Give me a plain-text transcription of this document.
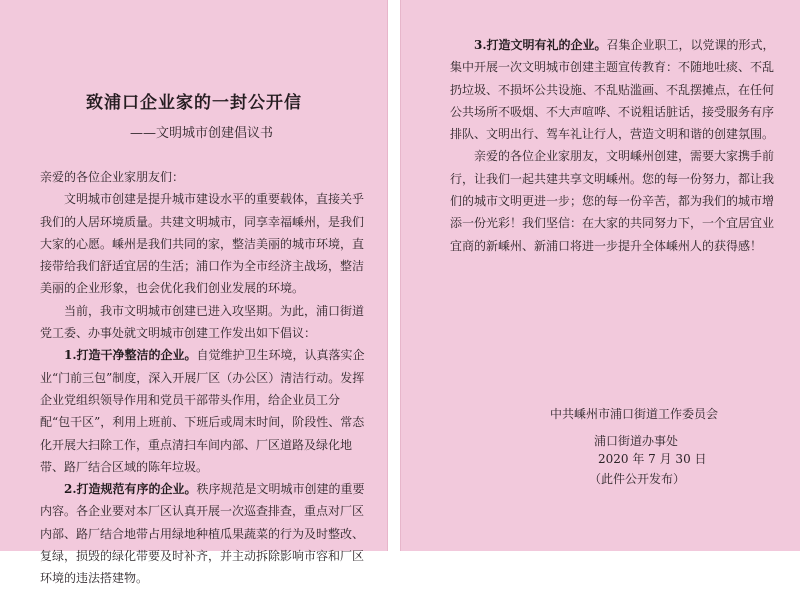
致浦口企业家的一封公开信
——文明城市创建倡议书

亲爱的各位企业家朋友们：

文明城市创建是提升城市建设水平的重要载体，直接关乎我们的人居环境质量。共建文明城市，同享幸福嵊州，是我们大家的心愿。嵊州是我们共同的家，整洁美丽的城市环境，直接带给我们舒适宜居的生活；浦口作为全市经济主战场，整洁美丽的企业形象，也会优化我们创业发展的环境。

当前，我市文明城市创建已进入攻坚期。为此，浦口街道党工委、办事处就文明城市创建工作发出如下倡议：

1.打造干净整洁的企业。自觉维护卫生环境，认真落实企业“门前三包”制度，深入开展厂区（办公区）清洁行动。发挥企业党组织领导作用和党员干部带头作用，给企业员工分配“包干区”，利用上班前、下班后或周末时间，阶段性、常态化开展大扫除工作，重点清扫车间内部、厂区道路及绿化地带、路厂结合区域的陈年垃圾。

2.打造规范有序的企业。秩序规范是文明城市创建的重要内容。各企业要对本厂区认真开展一次巡查排查，重点对厂区内部、路厂结合地带占用绿地种植瓜果蔬菜的行为及时整改、复绿，损毁的绿化带要及时补齐，并主动拆除影响市容和厂区环境的违法搭建物。

3.打造文明有礼的企业。召集企业职工，以党课的形式，集中开展一次文明城市创建主题宣传教育：不随地吐痰、不乱扔垃圾、不损坏公共设施、不乱贴滥画、不乱摆摊点，在任何公共场所不吸烟、不大声喧哗、不说粗话脏话，接受服务有序排队、文明出行、驾车礼让行人，营造文明和谐的创建氛围。

亲爱的各位企业家朋友，文明嵊州创建，需要大家携手前行，让我们一起共建共享文明嵊州。您的每一份努力，都让我们的城市文明更进一步；您的每一份辛苦，都为我们的城市增添一份光彩！我们坚信：在大家的共同努力下，一个宜居宜业宜商的新嵊州、新浦口将进一步提升全体嵊州人的获得感！

中共嵊州市浦口街道工作委员会
浦口街道办事处
2020 年 7 月 30 日
（此件公开发布）
